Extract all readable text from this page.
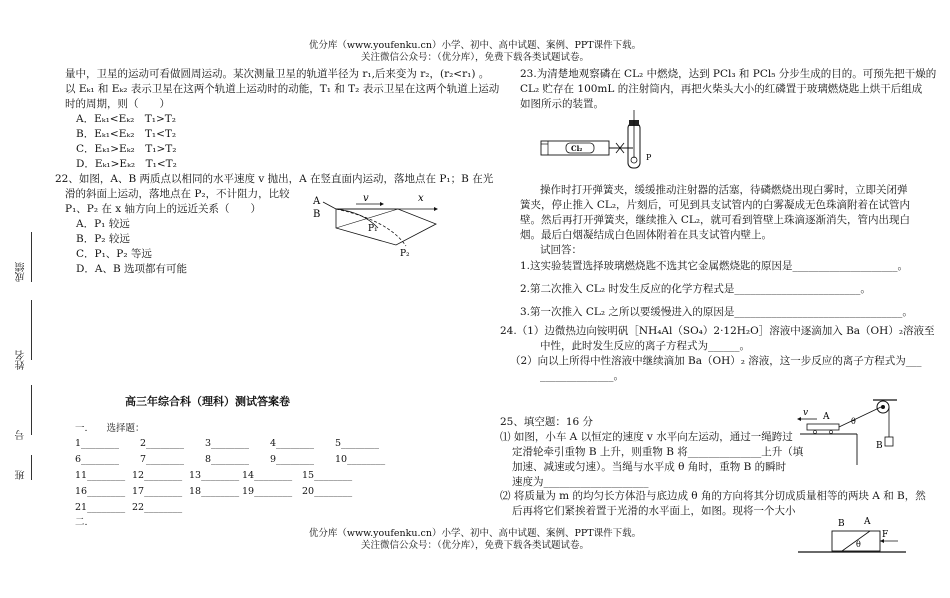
优分库（www.youfenku.cn）小学、初中、高中试题、案例、PPT课件下载。
关注微信公众号：（优分库），免费下载各类试题试卷。
成绩
姓名
号
班
量中，卫星的运动可看做圆周运动。某次测量卫星的轨道半径为 r₁,后来变为 r₂，(r₂<r₁) 。
以 Eₖ₁ 和 Eₖ₂ 表示卫星在这两个轨道上运动时的动能，T₁ 和 T₂ 表示卫星在这两个轨道上运动
时的周期，则（　　）
A．Eₖ₁<Eₖ₂　T₁>T₂
B．Eₖ₁<Eₖ₂　T₁<T₂
C．Eₖ₁>Eₖ₂　T₁>T₂
D．Eₖ₁>Eₖ₂　T₁<T₂
22、如图，A、B 两质点以相同的水平速度 v 抛出，A 在竖直面内运动，落地点在 P₁；B 在光
滑的斜面上运动，落地点在 P₂，不计阻力，比较
P₁、P₂ 在 x 轴方向上的远近关系（　　）
A．P₁ 较远
B．P₂ 较远
C．P₁、P₂ 等远
D．A、B 选项都有可能
A
B
v	x
P₁
P₂
高三年综合科（理科）测试答案卷
一.　　选择题：
1________ 2________ 3________ 4________ 5________
6________ 7________ 8________ 9________ 10________
11________ 12________ 13________ 14________ 15________
16________ 17________ 18________ 19________ 20________
21________ 22________
二.
23.为清楚地观察磷在 CL₂ 中燃烧，达到 PCl₃ 和 PCl₅ 分步生成的目的。可预先把干燥的
CL₂ 贮存在 100mL 的注射筒内，再把火柴头大小的红磷置于玻璃燃烧匙上烘干后组成
如图所示的装置。
Cl₂
P
操作时打开弹簧夹，缓缓推动注射器的活塞，待磷燃烧出现白雾时，立即关闭弹
簧夹，停止推入 CL₂，片刻后，可见到具支试管内的白雾凝成无色珠滴附着在试管内
壁。然后再打开弹簧夹，继续推入 CL₂，就可看到管壁上珠滴逐渐消失，管内出现白
烟。最后白烟凝结成白色固体附着在具支试管内壁上。
试回答：
1.这实验装置选择玻璃燃烧匙不选其它金属燃烧匙的原因是____________________。
2.第二次推入 CL₂ 时发生反应的化学方程式是________________________。
3.第一次推入 CL₂ 之所以要缓慢进入的原因是________________________________。
24.（1）边微热边向铵明矾［NH₄Al（SO₄）2·12H₂O］溶液中逐滴加入 Ba（OH）₂溶液至
中性，此时发生反应的离子方程式为______。
（2）向以上所得中性溶液中继续滴加 Ba（OH）₂ 溶液，这一步反应的离子方程式为___
______________。
25、填空题：16 分
⑴ 如图，小车 A 以恒定的速度 v 水平向左运动，通过一绳跨过
定滑轮牵引重物 B 上升，则重物 B 将______________上升（填
加速、减速或匀速）。当绳与水平成 θ 角时，重物 B 的瞬时
速度为____________________
⑵ 将质量为 m 的均匀长方体沿与底边成 θ 角的方向将其分切成质量相等的两块 A 和 B，然
后再将它们紧挨着置于光滑的水平面上，如图。现将一个大小
v A	θ
B
B A
θ
F
优分库（www.youfenku.cn）小学、初中、高中试题、案例、PPT课件下载。
关注微信公众号：（优分库），免费下载各类试题试卷。
